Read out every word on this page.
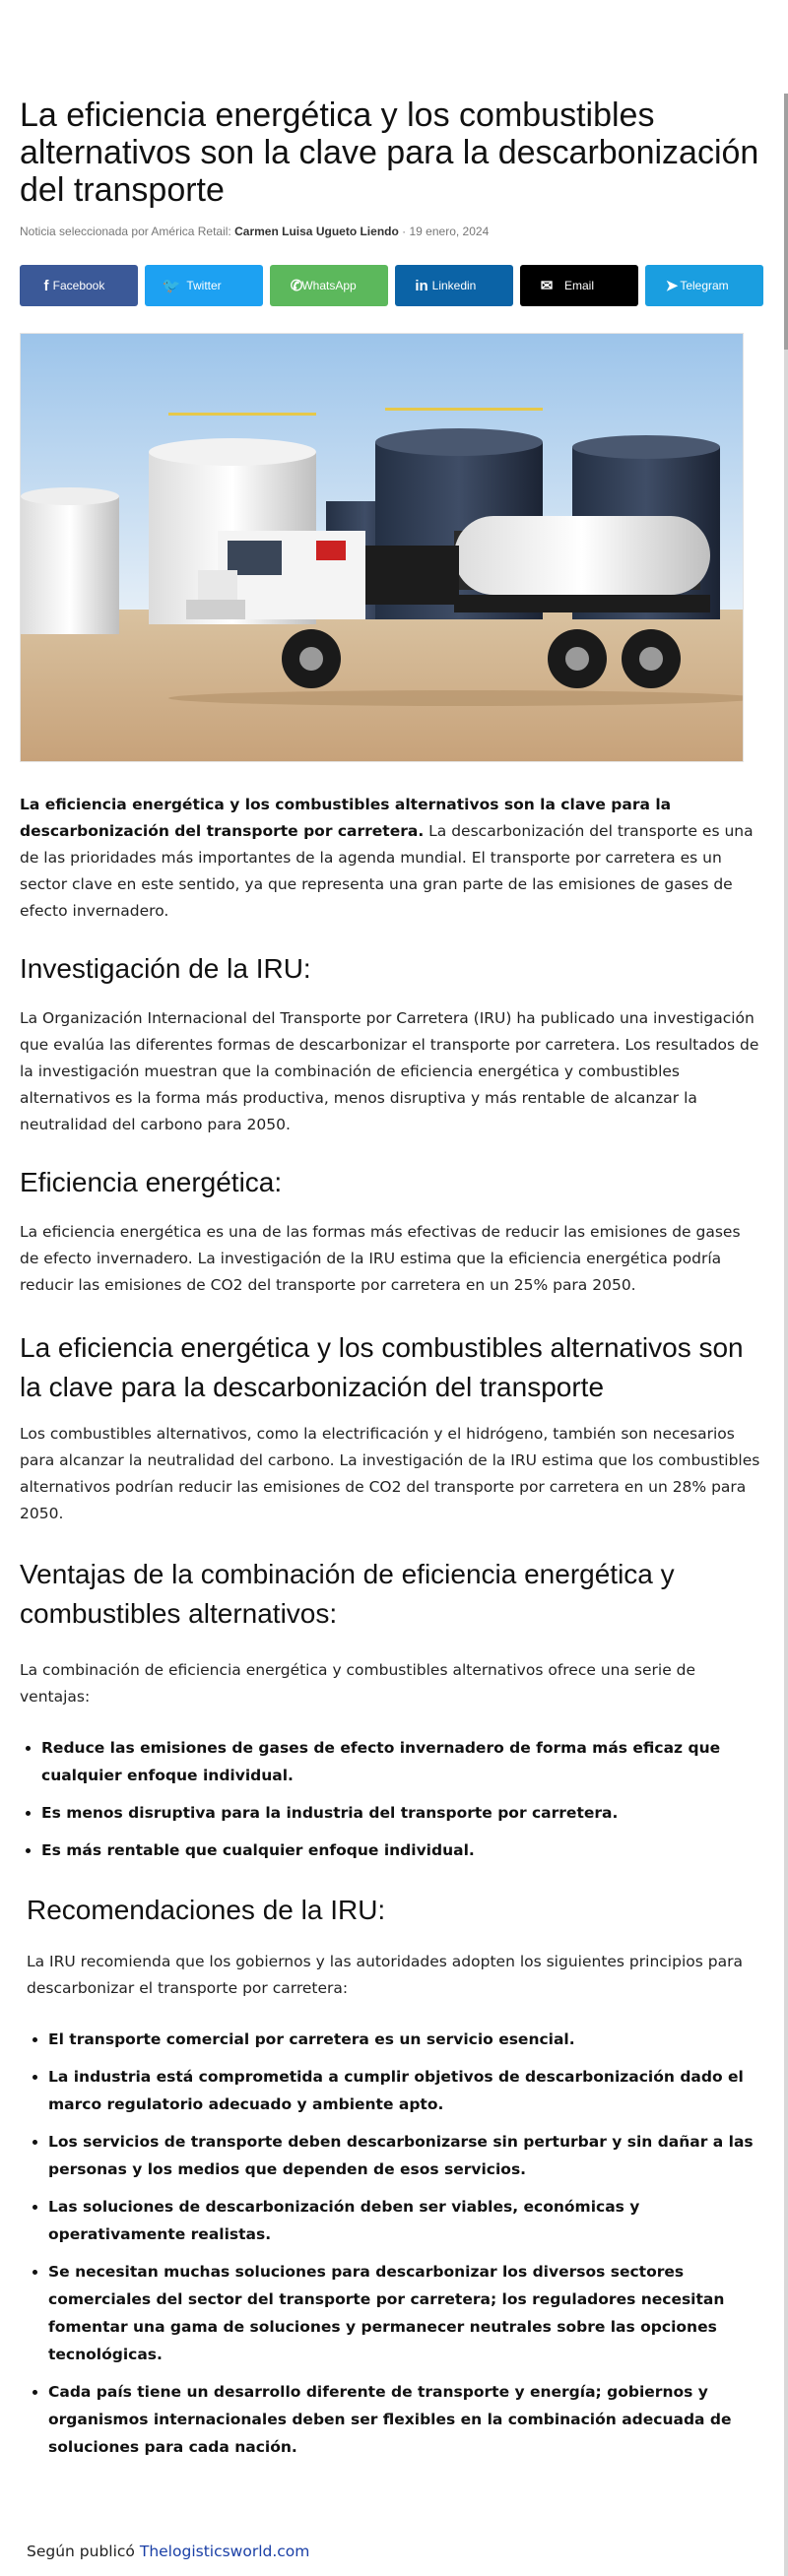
La eficiencia energética y los combustibles alternativos son la clave para la descarbonización del transporte
Noticia seleccionada por América Retail: Carmen Luisa Ugueto Liendo · 19 enero, 2024
f Facebook	🐦 Twitter	✆ WhatsApp	in Linkedin	✉ Email	➤ Telegram
La eficiencia energética y los combustibles alternativos son la clave para la descarbonización del transporte por carretera. La descarbonización del transporte es una de las prioridades más importantes de la agenda mundial. El transporte por carretera es un sector clave en este sentido, ya que representa una gran parte de las emisiones de gases de efecto invernadero.
Investigación de la IRU:

La Organización Internacional del Transporte por Carretera (IRU) ha publicado una investigación que evalúa las diferentes formas de descarbonizar el transporte por carretera. Los resultados de la investigación muestran que la combinación de eficiencia energética y combustibles alternativos es la forma más productiva, menos disruptiva y más rentable de alcanzar la neutralidad del carbono para 2050.

Eficiencia energética:

La eficiencia energética es una de las formas más efectivas de reducir las emisiones de gases de efecto invernadero. La investigación de la IRU estima que la eficiencia energética podría reducir las emisiones de CO2 del transporte por carretera en un 25% para 2050.

La eficiencia energética y los combustibles alternativos son la clave para la descarbonización del transporte

Los combustibles alternativos, como la electrificación y el hidrógeno, también son necesarios para alcanzar la neutralidad del carbono. La investigación de la IRU estima que los combustibles alternativos podrían reducir las emisiones de CO2 del transporte por carretera en un 28% para 2050.

Ventajas de la combinación de eficiencia energética y combustibles alternativos:

La combinación de eficiencia energética y combustibles alternativos ofrece una serie de ventajas:

• Reduce las emisiones de gases de efecto invernadero de forma más eficaz que cualquier enfoque individual.
• Es menos disruptiva para la industria del transporte por carretera.
• Es más rentable que cualquier enfoque individual.
Recomendaciones de la IRU:

La IRU recomienda que los gobiernos y las autoridades adopten los siguientes principios para descarbonizar el transporte por carretera:

• El transporte comercial por carretera es un servicio esencial.
• La industria está comprometida a cumplir objetivos de descarbonización dado el marco regulatorio adecuado y ambiente apto.
• Los servicios de transporte deben descarbonizarse sin perturbar y sin dañar a las personas y los medios que dependen de esos servicios.
• Las soluciones de descarbonización deben ser viables, económicas y operativamente realistas.
• Se necesitan muchas soluciones para descarbonizar los diversos sectores comerciales del sector del transporte por carretera; los reguladores necesitan fomentar una gama de soluciones y permanecer neutrales sobre las opciones tecnológicas.
• Cada país tiene un desarrollo diferente de transporte y energía; gobiernos y organismos internacionales deben ser flexibles en la combinación adecuada de soluciones para cada nación.
Según publicó Thelogisticsworld.com
